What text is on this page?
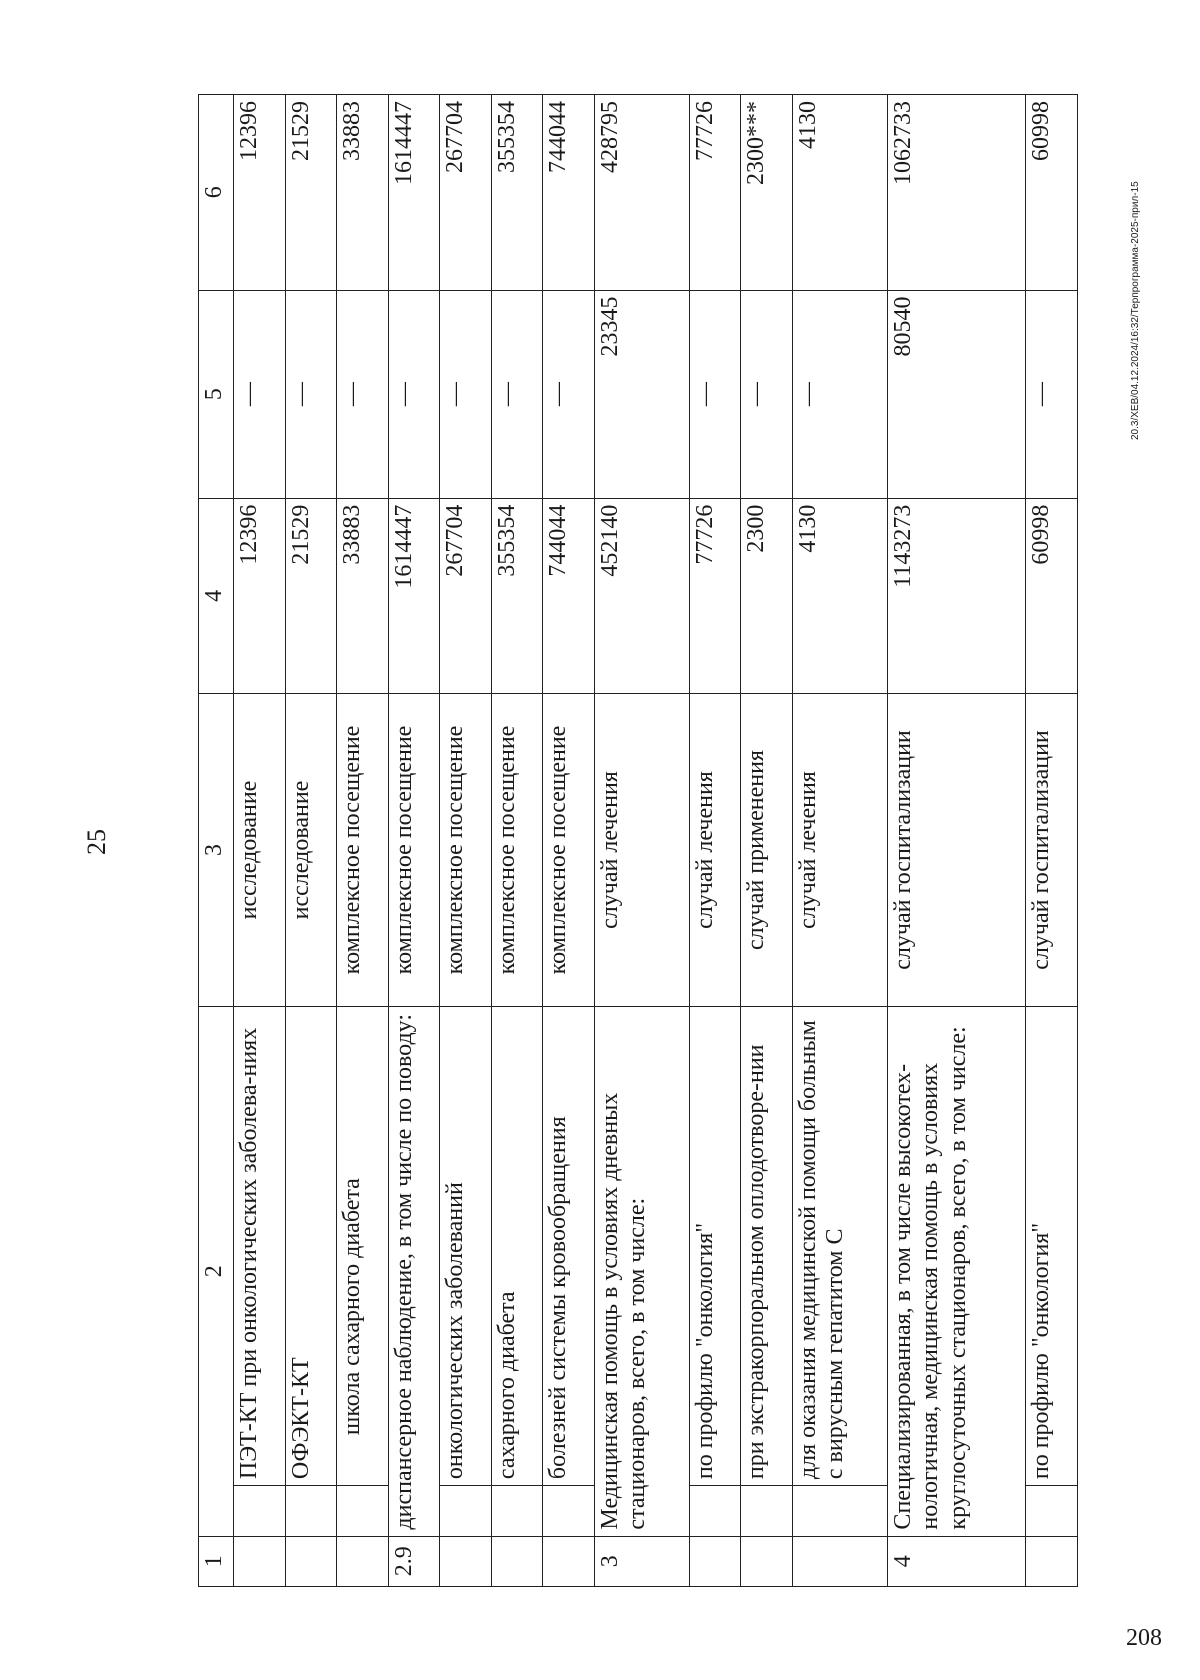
25
20.3/ХЕВ/04.12.2024/16:32/Терпрограмма-2025-прил-15
208
1	2		3	4	5	6
		ПЭТ-КТ при онкологических заболева-ниях	исследование	12396	—	12396
		ОФЭКТ-КТ	исследование	21529	—	21529
		школа сахарного диабета	комплексное посещение	33883	—	33883
2.9	диспансерное наблюдение, в том числе по поводу:		комплексное посещение	1614447	—	1614447
		онкологических заболеваний	комплексное посещение	267704	—	267704
		сахарного диабета	комплексное посещение	355354	—	355354
		болезней системы кровообращения	комплексное посещение	744044	—	744044
3	Медицинская помощь в условиях дневных стационаров, всего, в том числе:		случай лечения	452140	23345	428795
		по профилю "онкология"	случай лечения	77726	—	77726
		при экстракорпоральном оплодотворе-нии	случай применения	2300	—	2300***
		для оказания медицинской помощи больным с вирусным гепатитом С	случай лечения	4130	—	4130
4	Специализированная, в том числе высокотех-нологичная, медицинская помощь в условиях круглосуточных стационаров, всего, в том числе:		случай госпитализации	1143273	80540	1062733
		по профилю "онкология"	случай госпитализации	60998	—	60998
